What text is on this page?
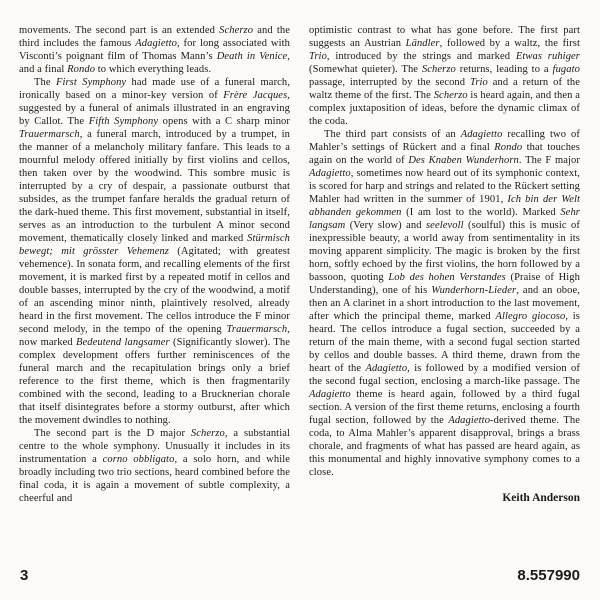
movements. The second part is an extended Scherzo and the third includes the famous Adagietto, for long associated with Visconti’s poignant film of Thomas Mann’s Death in Venice, and a final Rondo to which everything leads.

The First Symphony had made use of a funeral march, ironically based on a minor-key version of Frère Jacques, suggested by a funeral of animals illustrated in an engraving by Callot. The Fifth Symphony opens with a C sharp minor Trauermarsch, a funeral march, introduced by a trumpet, in the manner of a melancholy military fanfare. This leads to a mournful melody offered initially by first violins and cellos, then taken over by the woodwind. This sombre music is interrupted by a cry of despair, a passionate outburst that subsides, as the trumpet fanfare heralds the gradual return of the dark-hued theme. This first movement, substantial in itself, serves as an introduction to the turbulent A minor second movement, thematically closely linked and marked Stürmisch bewegt; mit grösster Vehemenz (Agitated; with greatest vehemence). In sonata form, and recalling elements of the first movement, it is marked first by a repeated motif in cellos and double basses, interrupted by the cry of the woodwind, a motif of an ascending minor ninth, plaintively resolved, already heard in the first movement. The cellos introduce the F minor second melody, in the tempo of the opening Trauermarsch, now marked Bedeutend langsamer (Significantly slower). The complex development offers further reminiscences of the funeral march and the recapitulation brings only a brief reference to the first theme, which is then fragmentarily combined with the second, leading to a Brucknerian chorale that itself disintegrates before a stormy outburst, after which the movement dwindles to nothing.

The second part is the D major Scherzo, a substantial centre to the whole symphony. Unusually it includes in its instrumentation a corno obbligato, a solo horn, and while broadly including two trio sections, heard combined before the final coda, it is again a movement of subtle complexity, a cheerful and

optimistic contrast to what has gone before. The first part suggests an Austrian Ländler, followed by a waltz, the first Trio, introduced by the strings and marked Etwas ruhiger (Somewhat quieter). The Scherzo returns, leading to a fugato passage, interrupted by the second Trio and a return of the waltz theme of the first. The Scherzo is heard again, and then a complex juxtaposition of ideas, before the dynamic climax of the coda.

The third part consists of an Adagietto recalling two of Mahler’s settings of Rückert and a final Rondo that touches again on the world of Des Knaben Wunderhorn. The F major Adagietto, sometimes now heard out of its symphonic context, is scored for harp and strings and related to the Rückert setting Mahler had written in the summer of 1901, Ich bin der Welt abhanden gekommen (I am lost to the world). Marked Sehr langsam (Very slow) and seelevoll (soulful) this is music of inexpressible beauty, a world away from sentimentality in its moving apparent simplicity. The magic is broken by the first horn, softly echoed by the first violins, the horn followed by a bassoon, quoting Lob des hohen Verstandes (Praise of High Understanding), one of his Wunderhorn-Lieder, and an oboe, then an A clarinet in a short introduction to the last movement, after which the principal theme, marked Allegro giocoso, is heard. The cellos introduce a fugal section, succeeded by a return of the main theme, with a second fugal section started by cellos and double basses. A third theme, drawn from the heart of the Adagietto, is followed by a modified version of the second fugal section, enclosing a march-like passage. The Adagietto theme is heard again, followed by a third fugal section. A version of the first theme returns, enclosing a fourth fugal section, followed by the Adagietto-derived theme. The coda, to Alma Mahler’s apparent disapproval, brings a brass chorale, and fragments of what has passed are heard again, as this monumental and highly innovative symphony comes to a close.

Keith Anderson
3	8.557990
